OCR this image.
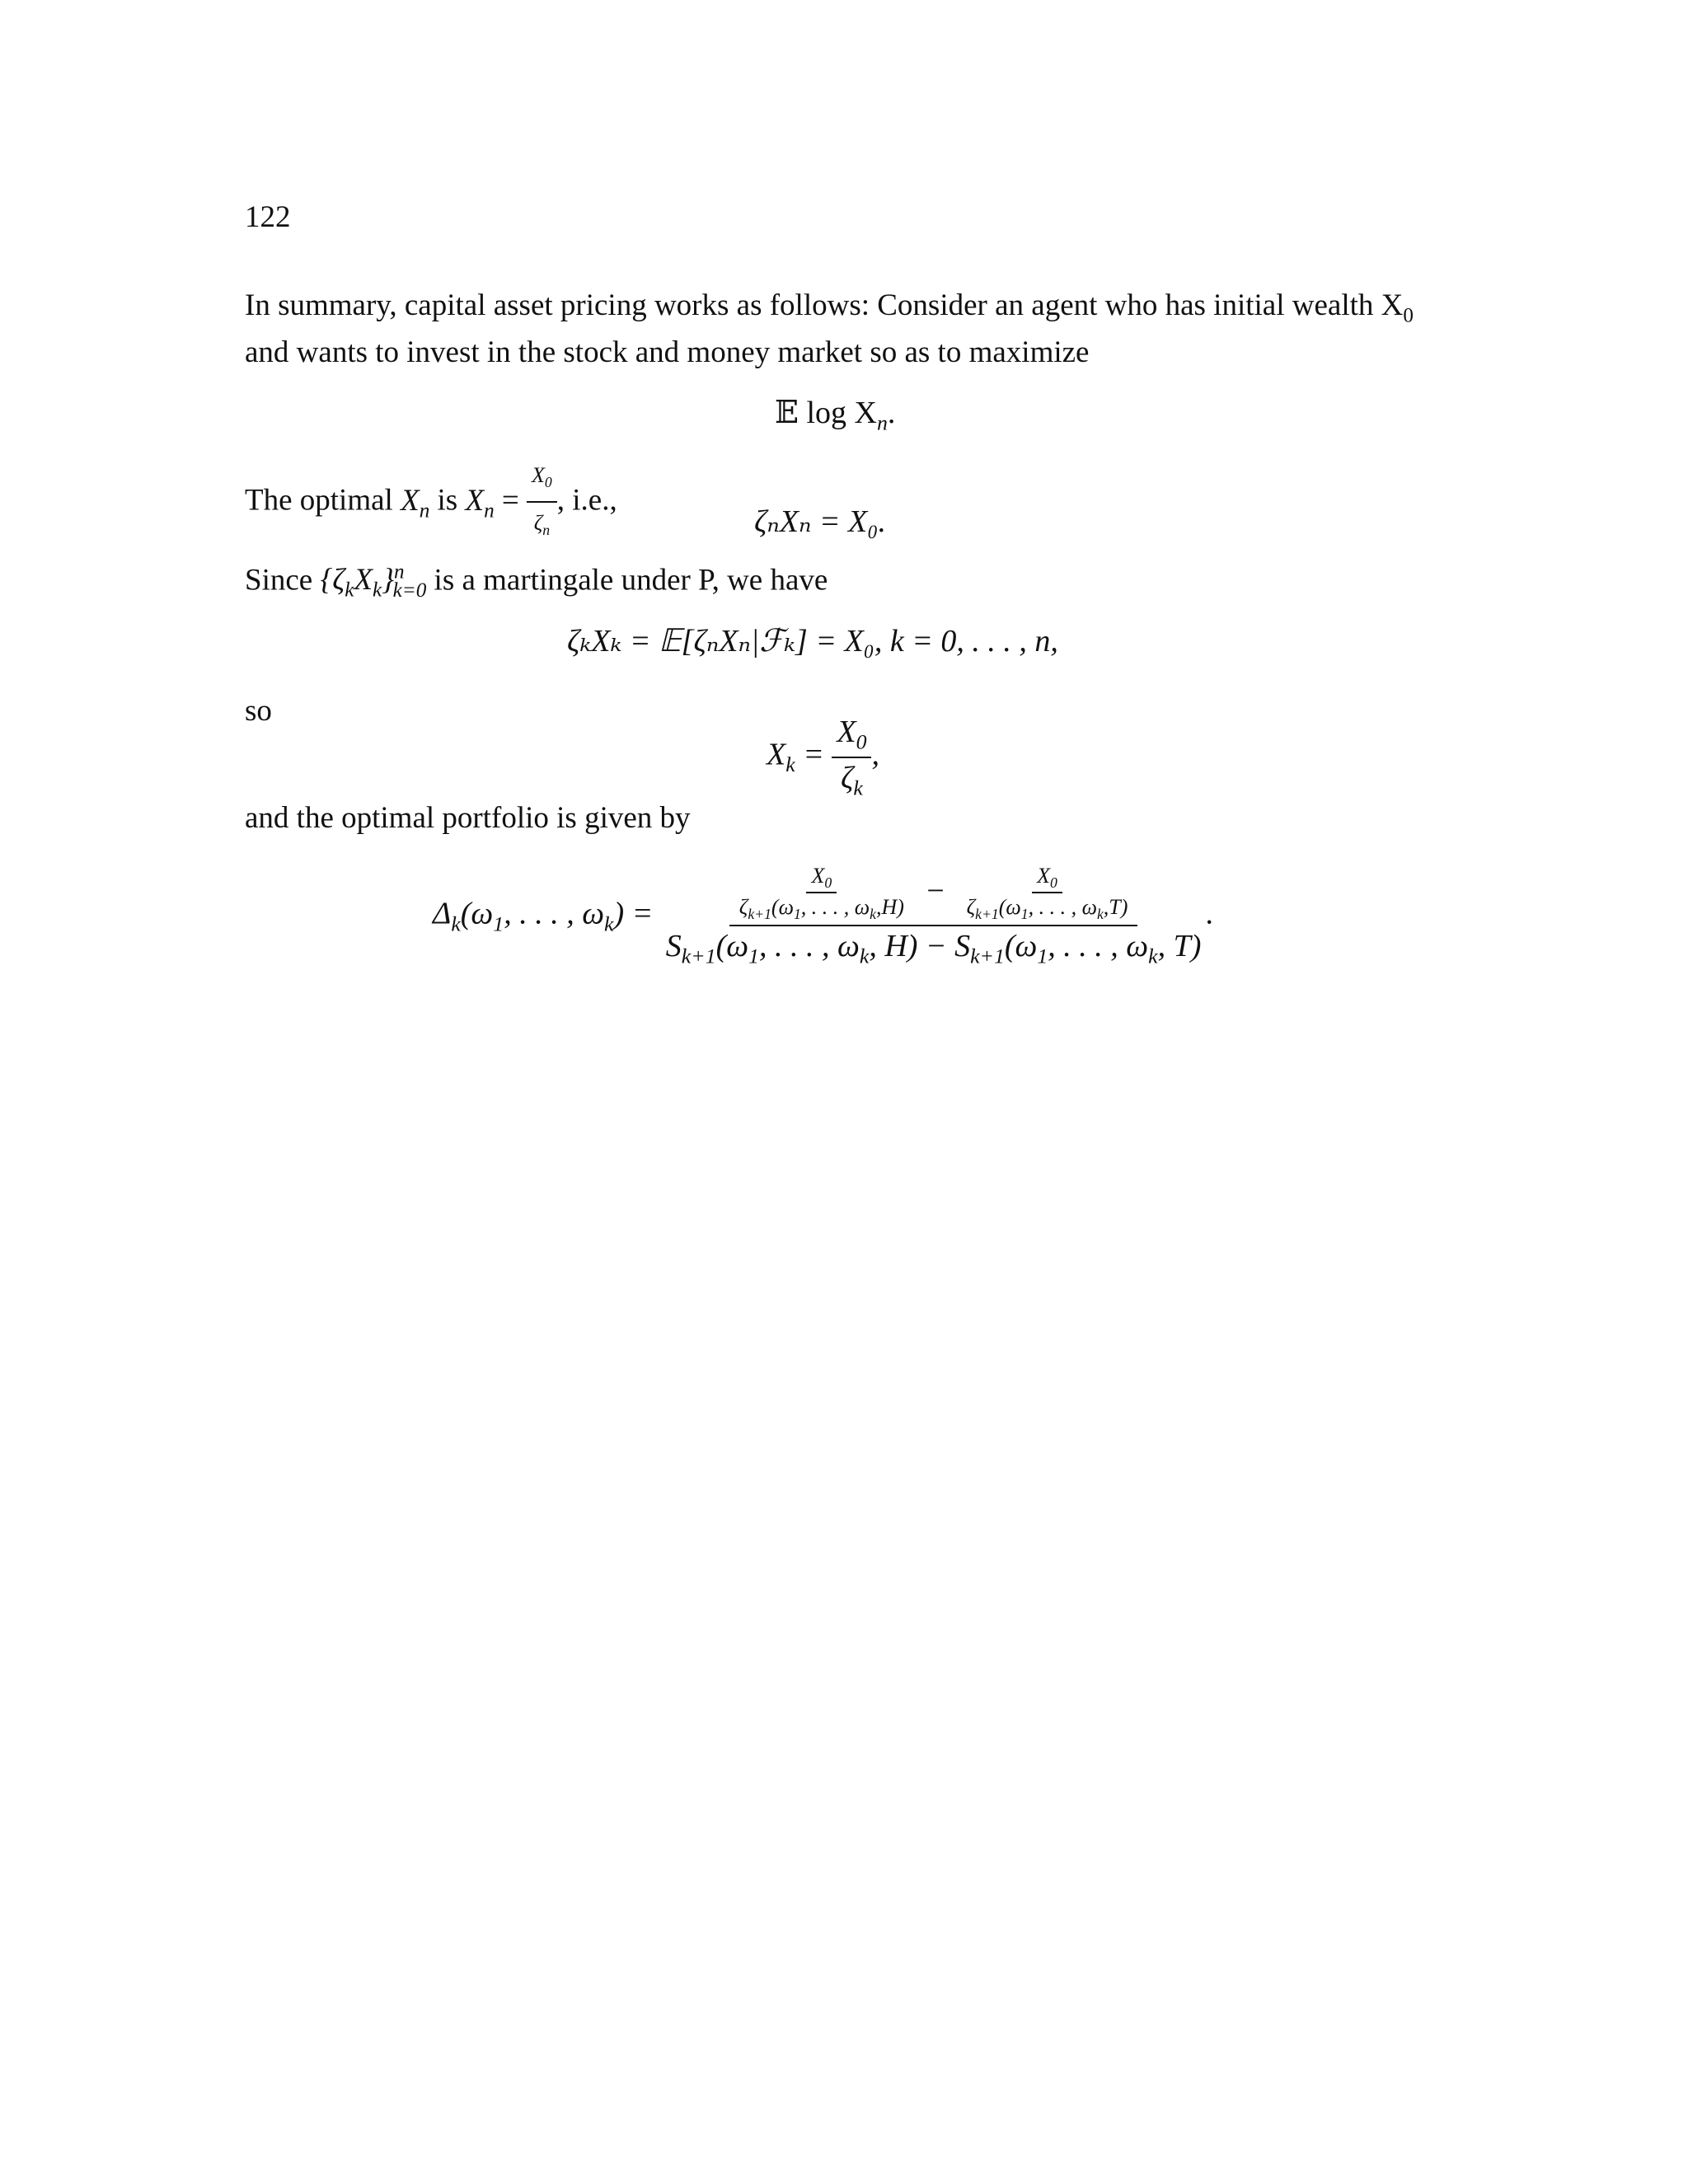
122
In summary, capital asset pricing works as follows: Consider an agent who has initial wealth $X_0$
and wants to invest in the stock and money market so as to maximize
𝔼 $\log X_n$.
The optimal $X_n$ is $X_n = \frac{X_0}{\zeta_n}$ , i.e.,
ζₙXₙ = X₀.
Since $\{\zeta_kX_k\}^n_{k=0}$ is a martingale under P, we have
ζₖXₖ = 𝔼[ζₙXₙ|ℱₖ] = X₀, k = 0, . . . , n,
so
$X_k = \frac{X_0}{\zeta_k}$ ,
and the optimal portfolio is given by
$\Delta_k(\omega_1$, . . . , $\omega_k$) =	$\frac{X_0}{\zeta_{k+1}(\omega_1, . . . , \omega_k,H)} - \frac{X_0}{\zeta_{k+1}(\omega_1, . . . , \omega_k,T)}$
$S_{k+1}(\omega_1$, . . . , $\omega_k$, $H) - S_{k+1}(\omega_1$, . . . , $\omega_k$, T)
.
